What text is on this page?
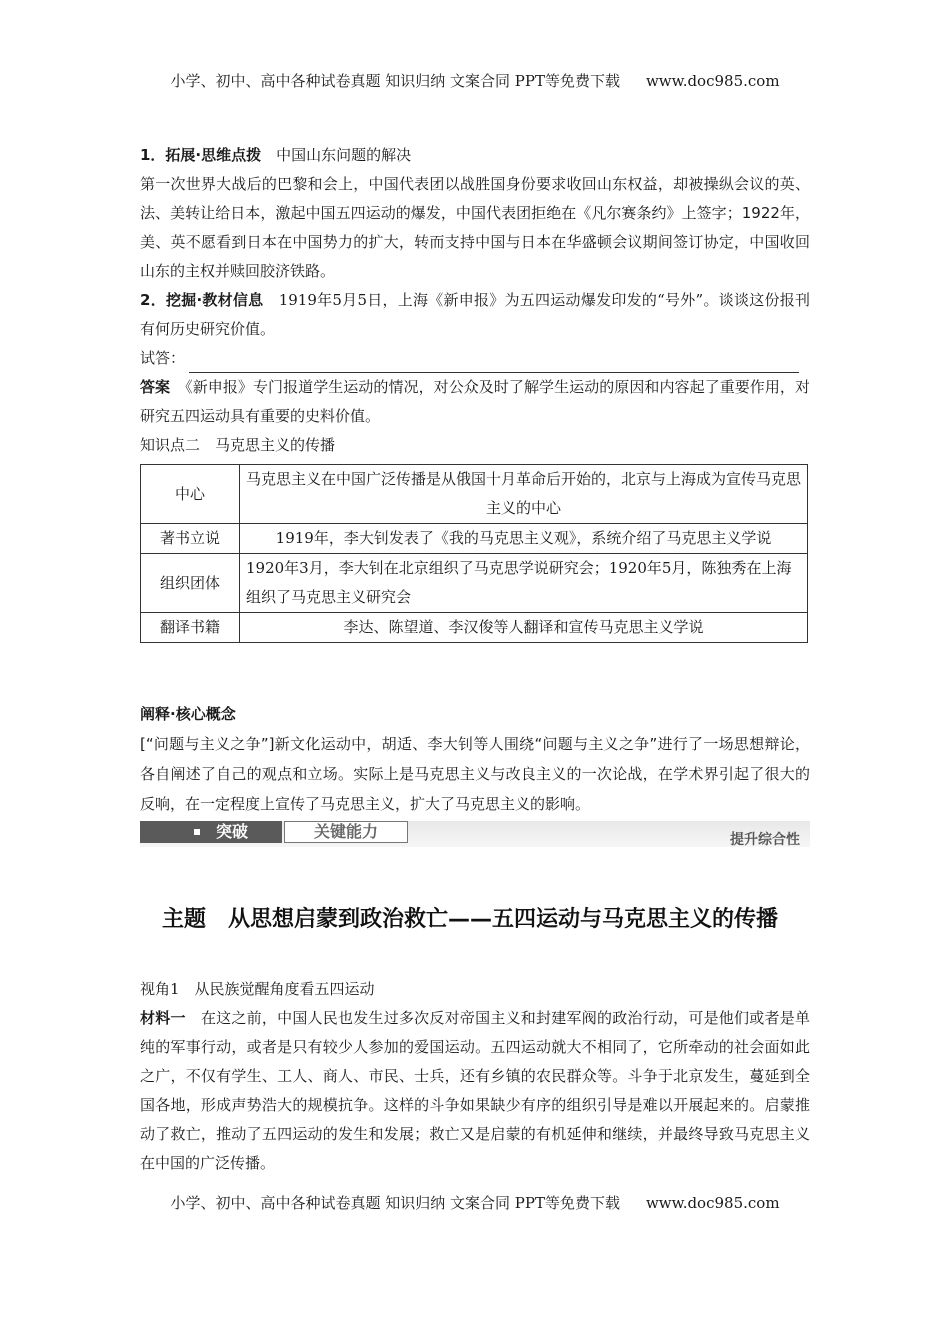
小学、初中、高中各种试卷真题 知识归纳 文案合同 PPT等免费下载 www.doc985.com

1．拓展·思维点拨　 中国山东问题的解决

第一次世界大战后的巴黎和会上，中国代表团以战胜国身份要求收回山东权益，却被操纵会议的英、法、美转让给日本，激起中国五四运动的爆发，中国代表团拒绝在《凡尔赛条约》上签字；1922年，美、英不愿看到日本在中国势力的扩大，转而支持中国与日本在华盛顿会议期间签订协定，中国收回山东的主权并赎回胶济铁路。

2．挖掘·教材信息　 1919年5月5日，上海《新申报》为五四运动爆发印发的“号外”。谈谈这份报刊有何历史研究价值。

试答：

答案　 《新申报》专门报道学生运动的情况，对公众及时了解学生运动的原因和内容起了重要作用，对研究五四运动具有重要的史料价值。

知识点二　马克思主义的传播

中心	马克思主义在中国广泛传播是从俄国十月革命后开始的，北京与上海成为宣传马克思主义的中心
著书立说	1919年，李大钊发表了《我的马克思主义观》，系统介绍了马克思主义学说
组织团体	1920年3月，李大钊在北京组织了马克思学说研究会；1920年5月，陈独秀在上海组织了马克思主义研究会
翻译书籍	李达、陈望道、李汉俊等人翻译和宣传马克思主义学说

阐释·核心概念

[“问题与主义之争”]新文化运动中，胡适、李大钊等人围绕“问题与主义之争”进行了一场思想辩论，各自阐述了自己的观点和立场。实际上是马克思主义与改良主义的一次论战，在学术界引起了很大的反响，在一定程度上宣传了马克思主义，扩大了马克思主义的影响。

突破	关键能力	提升综合性
主题　从思想启蒙到政治救亡——五四运动与马克思主义的传播

视角1　从民族觉醒角度看五四运动

材料一　 在这之前，中国人民也发生过多次反对帝国主义和封建军阀的政治行动，可是他们或者是单纯的军事行动，或者是只有较少人参加的爱国运动。五四运动就大不相同了，它所牵动的社会面如此之广，不仅有学生、工人、商人、市民、士兵，还有乡镇的农民群众等。斗争于北京发生，蔓延到全国各地，形成声势浩大的规模抗争。这样的斗争如果缺少有序的组织引导是难以开展起来的。启蒙推动了救亡，推动了五四运动的发生和发展；救亡又是启蒙的有机延伸和继续，并最终导致马克思主义在中国的广泛传播。

小学、初中、高中各种试卷真题 知识归纳 文案合同 PPT等免费下载 www.doc985.com
